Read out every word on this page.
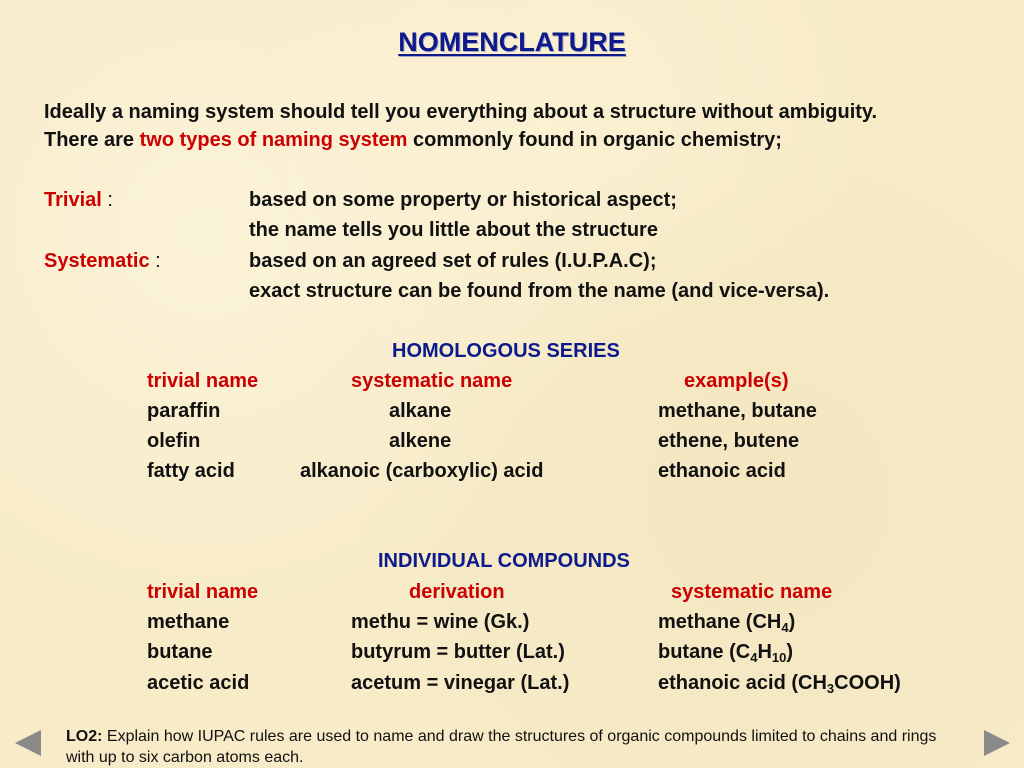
NOMENCLATURE
Ideally a naming system should tell you everything about a structure without ambiguity.
There are two types of naming system commonly found in organic chemistry;
Trivial :	based on some property or historical aspect;
the name tells you little about the structure
Systematic :	based on an agreed set of rules (I.U.P.A.C);
exact structure can be found from the name (and vice-versa).
HOMOLOGOUS SERIES
trivial name	systematic name	example(s)
paraffin	alkane	methane, butane
olefin	alkene	ethene, butene
fatty acid	alkanoic (carboxylic) acid	ethanoic acid
INDIVIDUAL COMPOUNDS
trivial name	derivation	systematic name
methane	methu = wine (Gk.)	methane $(CH_4)$
butane	butyrum = butter (Lat.)	butane $(C_4H_{10})$
acetic acid	acetum = vinegar (Lat.)	ethanoic acid $(CH_3COOH)$
LO2: Explain how IUPAC rules are used to name and draw the structures of organic compounds limited to chains and rings with up to six carbon atoms each.
